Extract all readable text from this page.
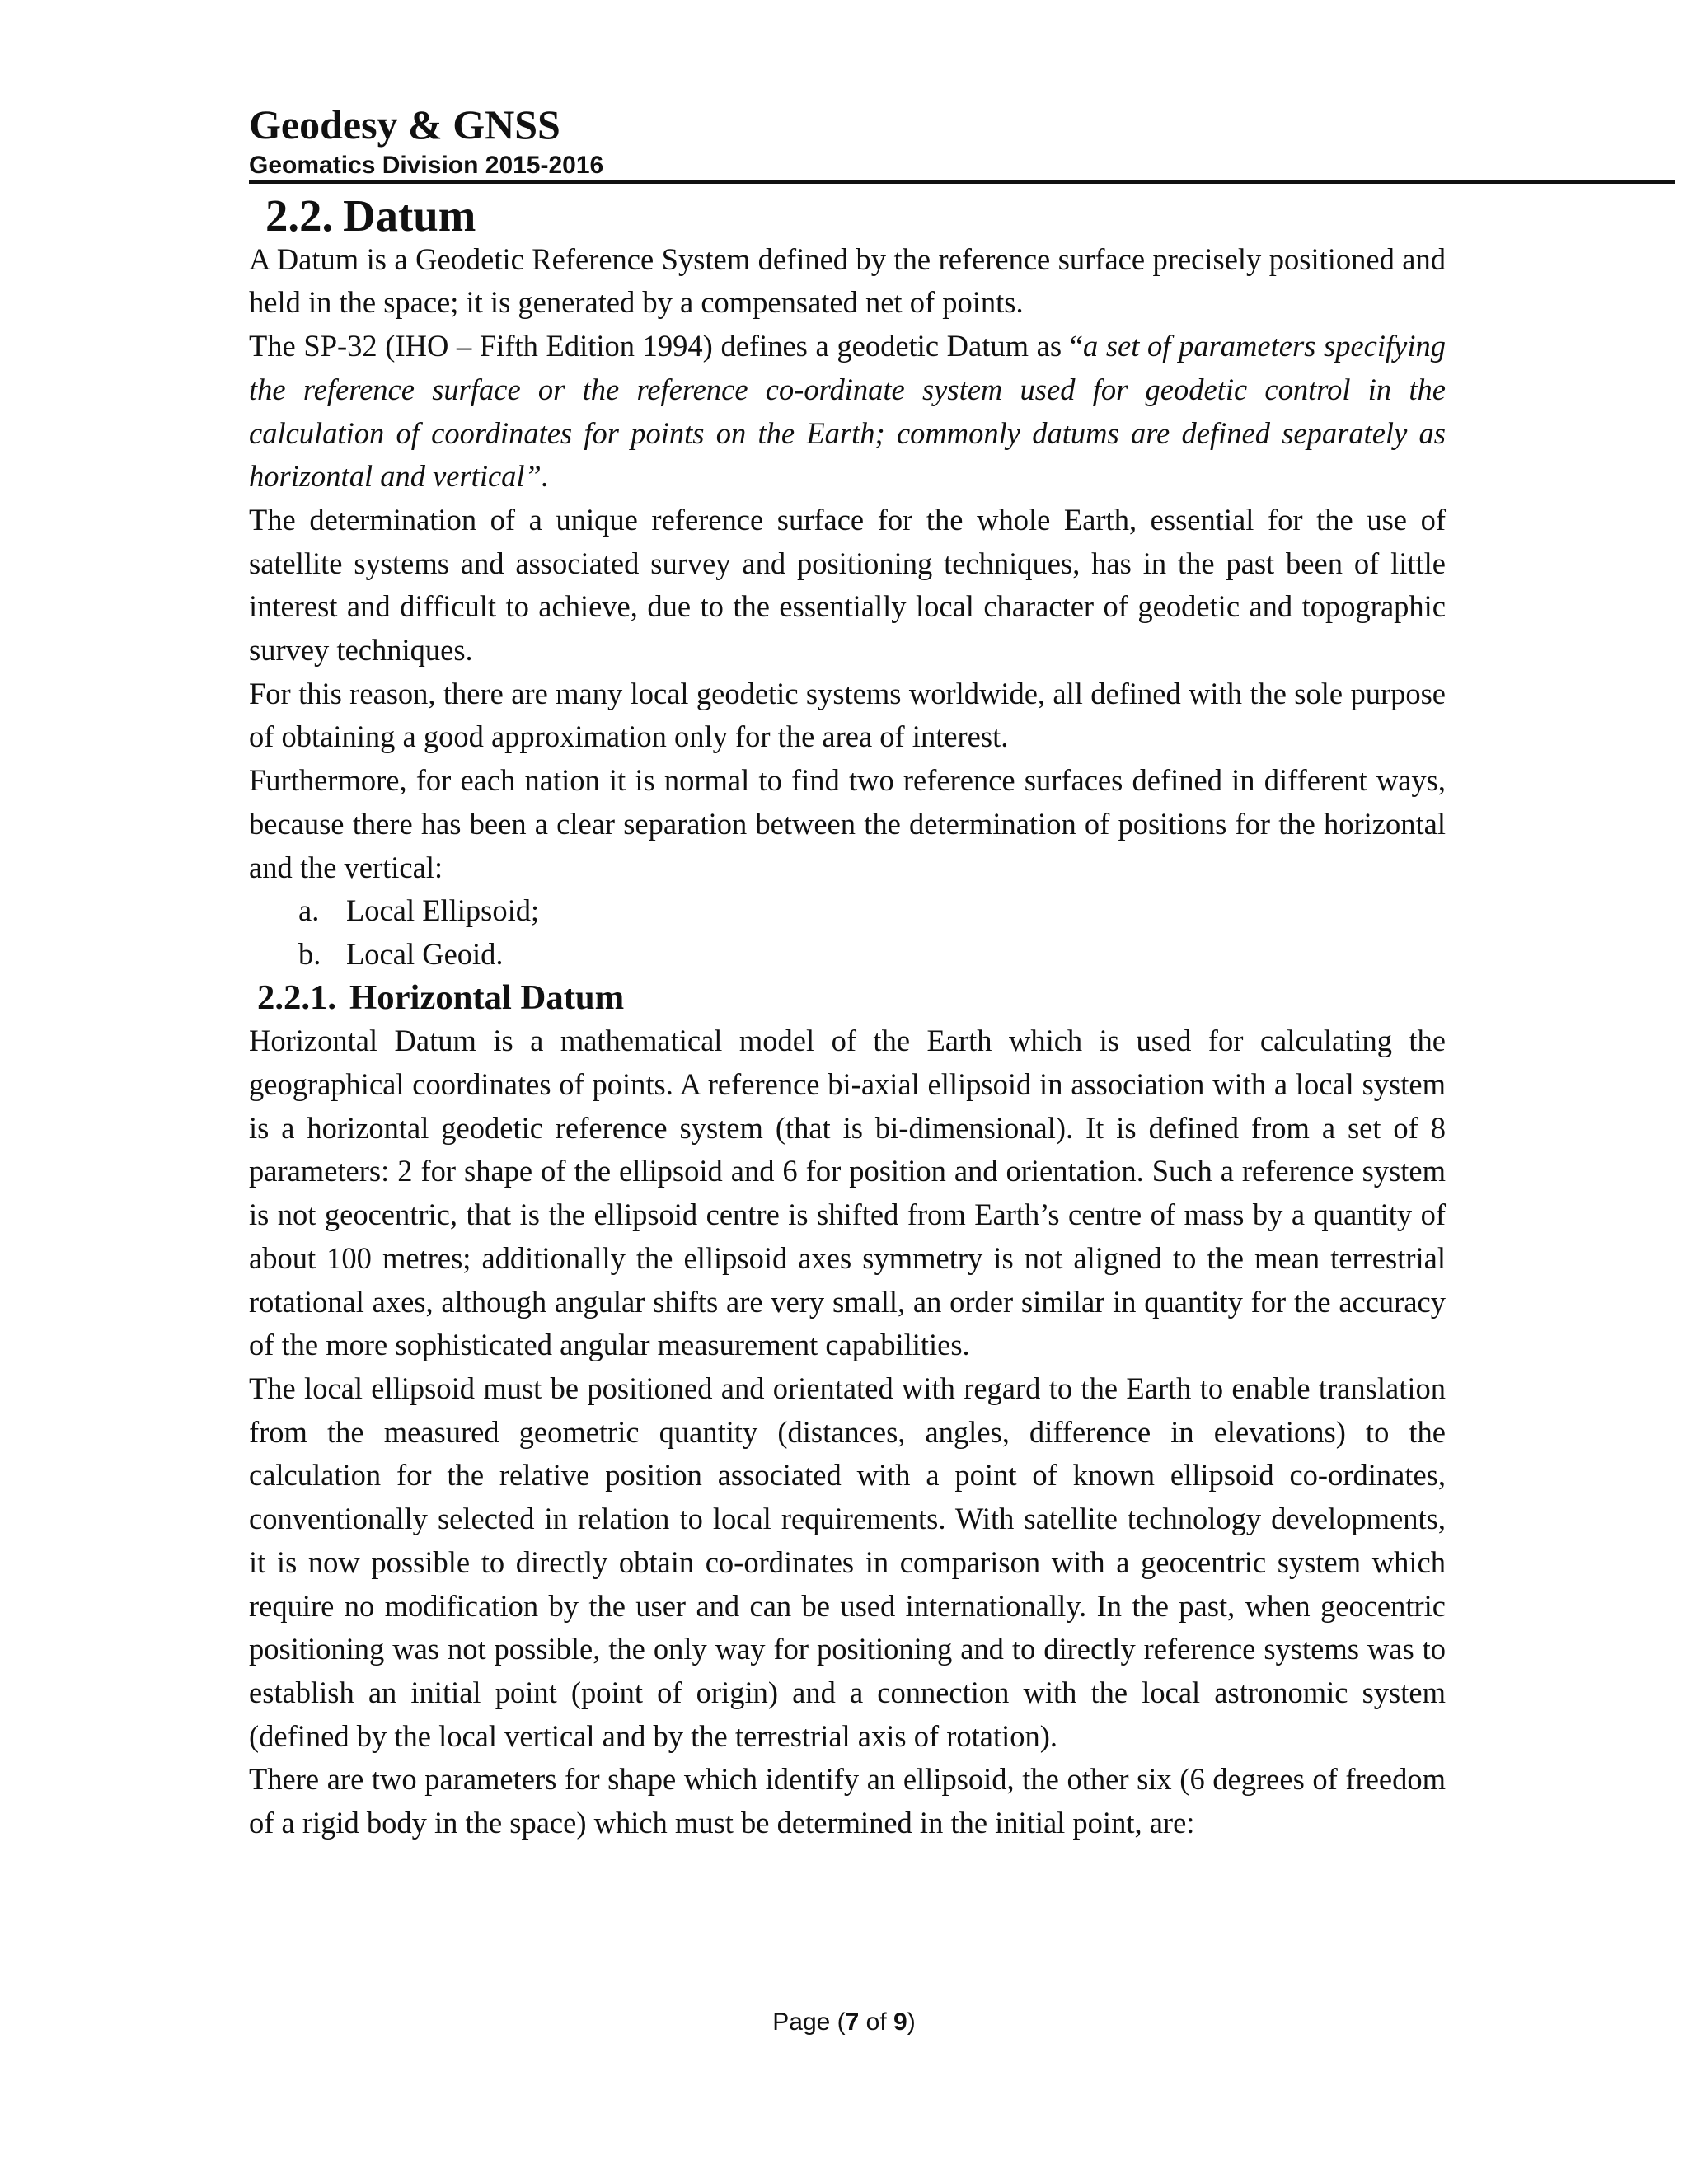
Geodesy & GNSS
Geomatics Division 2015-2016
2.2. Datum

A Datum is a Geodetic Reference System defined by the reference surface precisely positioned and held in the space; it is generated by a compensated net of points.

The SP-32 (IHO – Fifth Edition 1994) defines a geodetic Datum as “a set of parameters specifying the reference surface or the reference co-ordinate system used for geodetic control in the calculation of coordinates for points on the Earth; commonly datums are defined separately as horizontal and vertical”.

The determination of a unique reference surface for the whole Earth, essential for the use of satellite systems and associated survey and positioning techniques, has in the past been of little interest and difficult to achieve, due to the essentially local character of geodetic and topographic survey techniques.

For this reason, there are many local geodetic systems worldwide, all defined with the sole purpose of obtaining a good approximation only for the area of interest.

Furthermore, for each nation it is normal to find two reference surfaces defined in different ways, because there has been a clear separation between the determination of positions for the horizontal and the vertical:

a. Local Ellipsoid;
b. Local Geoid.
2.2.1. Horizontal Datum

Horizontal Datum is a mathematical model of the Earth which is used for calculating the geographical coordinates of points. A reference bi-axial ellipsoid in association with a local system is a horizontal geodetic reference system (that is bi-dimensional). It is defined from a set of 8 parameters: 2 for shape of the ellipsoid and 6 for position and orientation. Such a reference system is not geocentric, that is the ellipsoid centre is shifted from Earth’s centre of mass by a quantity of about 100 metres; additionally the ellipsoid axes symmetry is not aligned to the mean terrestrial rotational axes, although angular shifts are very small, an order similar in quantity for the accuracy of the more sophisticated angular measurement capabilities.

The local ellipsoid must be positioned and orientated with regard to the Earth to enable translation from the measured geometric quantity (distances, angles, difference in elevations) to the calculation for the relative position associated with a point of known ellipsoid co-ordinates, conventionally selected in relation to local requirements. With satellite technology developments, it is now possible to directly obtain co-ordinates in comparison with a geocentric system which require no modification by the user and can be used internationally. In the past, when geocentric positioning was not possible, the only way for positioning and to directly reference systems was to establish an initial point (point of origin) and a connection with the local astronomic system (defined by the local vertical and by the terrestrial axis of rotation).

There are two parameters for shape which identify an ellipsoid, the other six (6 degrees of freedom of a rigid body in the space) which must be determined in the initial point, are:

Page (7 of 9)
